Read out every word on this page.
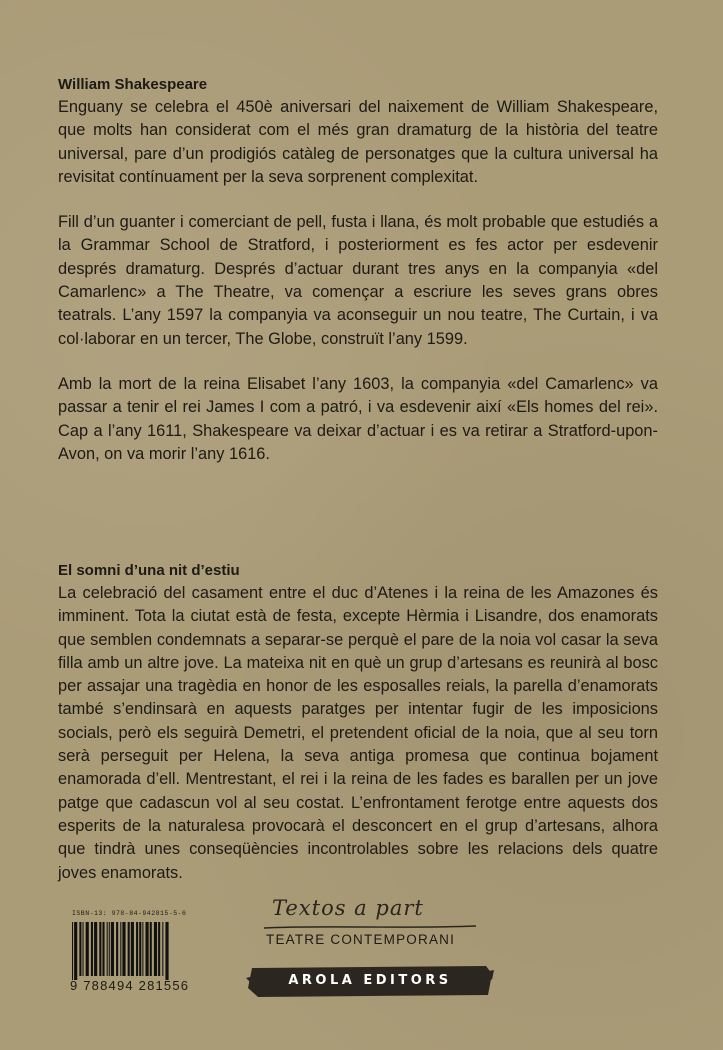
William Shakespeare

Enguany se celebra el 450è aniversari del naixement de William Shakespeare, que molts han considerat com el més gran dramaturg de la història del teatre universal, pare d’un prodigiós catàleg de personatges que la cultura universal ha revisitat contínuament per la seva sorprenent complexitat.

Fill d’un guanter i comerciant de pell, fusta i llana, és molt probable que estudiés a la Grammar School de Stratford, i posteriorment es fes actor per esdevenir després dramaturg. Després d’actuar durant tres anys en la companyia «del Camarlenc» a The Theatre, va començar a escriure les seves grans obres teatrals. L’any 1597 la companyia va aconseguir un nou teatre, The Curtain, i va col·laborar en un tercer, The Globe, construït l’any 1599.

Amb la mort de la reina Elisabet l’any 1603, la companyia «del Camarlenc» va passar a tenir el rei James I com a patró, i va esdevenir així «Els homes del rei». Cap a l’any 1611, Shakespeare va deixar d’actuar i es va retirar a Stratford-upon-Avon, on va morir l’any 1616.

El somni d’una nit d’estiu

La celebració del casament entre el duc d’Atenes i la reina de les Amazones és imminent. Tota la ciutat està de festa, excepte Hèrmia i Lisandre, dos enamorats que semblen condemnats a separar-se perquè el pare de la noia vol casar la seva filla amb un altre jove. La mateixa nit en què un grup d’artesans es reunirà al bosc per assajar una tragèdia en honor de les esposalles reials, la parella d’enamorats també s’endinsarà en aquests paratges per intentar fugir de les imposicions socials, però els seguirà Demetri, el pretendent oficial de la noia, que al seu torn serà perseguit per Helena, la seva antiga promesa que continua bojament enamorada d’ell. Mentrestant, el rei i la reina de les fades es barallen per un jove patge que cadascun vol al seu costat. L’enfrontament ferotge entre aquests dos esperits de la naturalesa provocarà el desconcert en el grup d’artesans, alhora que tindrà unes conseqüències incontrolables sobre les relacions dels quatre joves enamorats.

ISBN-13: 978-84-942815-5-6
9 788494 281556
Textos a part
TEATRE CONTEMPORANI
AROLA EDITORS
